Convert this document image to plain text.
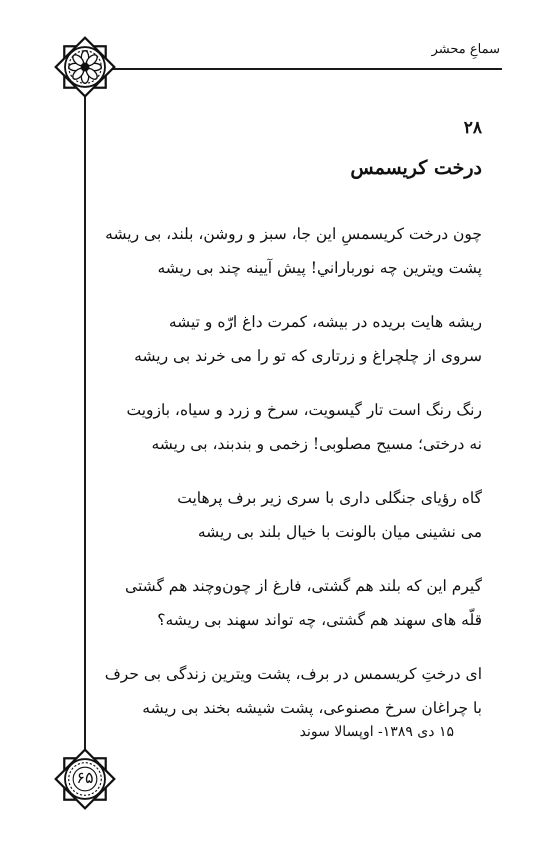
سماعِ محشر
۲۸
درخت کریسمس
چون درخت کریسمسِ این جا، سبز و روشن، بلند، بی ریشه
پشت ویترین چه نورباراني! پیش آیینه چند بی ریشه
ریشه هایت بریده در بیشه، کمرت داغ ارّه و تیشه
سروی از چلچراغ و زرتاری که تو را می خرند بی ریشه
رنگ رنگ است تار گیسویت، سرخ و زرد و سیاه، بازویت
نه درختی؛ مسیح مصلوبی! زخمی و بندبند، بی ریشه
گاه رؤیای جنگلی داری با سری زیر برف پرهایت
می نشینی میان بالونت با خیال بلند بی ریشه
گیرم این که بلند هم گشتی، فارغ از چون‌وچند هم گشتی
قلّه های سهند هم گشتی، چه تواند سهند بی ریشه؟
ای درختِ کریسمس در برف، پشت ویترین زندگی بی حرف
با چراغان سرخ مصنوعی، پشت شیشه بخند بی ریشه
۱۵ دی ۱۳۸۹- اوپسالا سوند
۶۵
